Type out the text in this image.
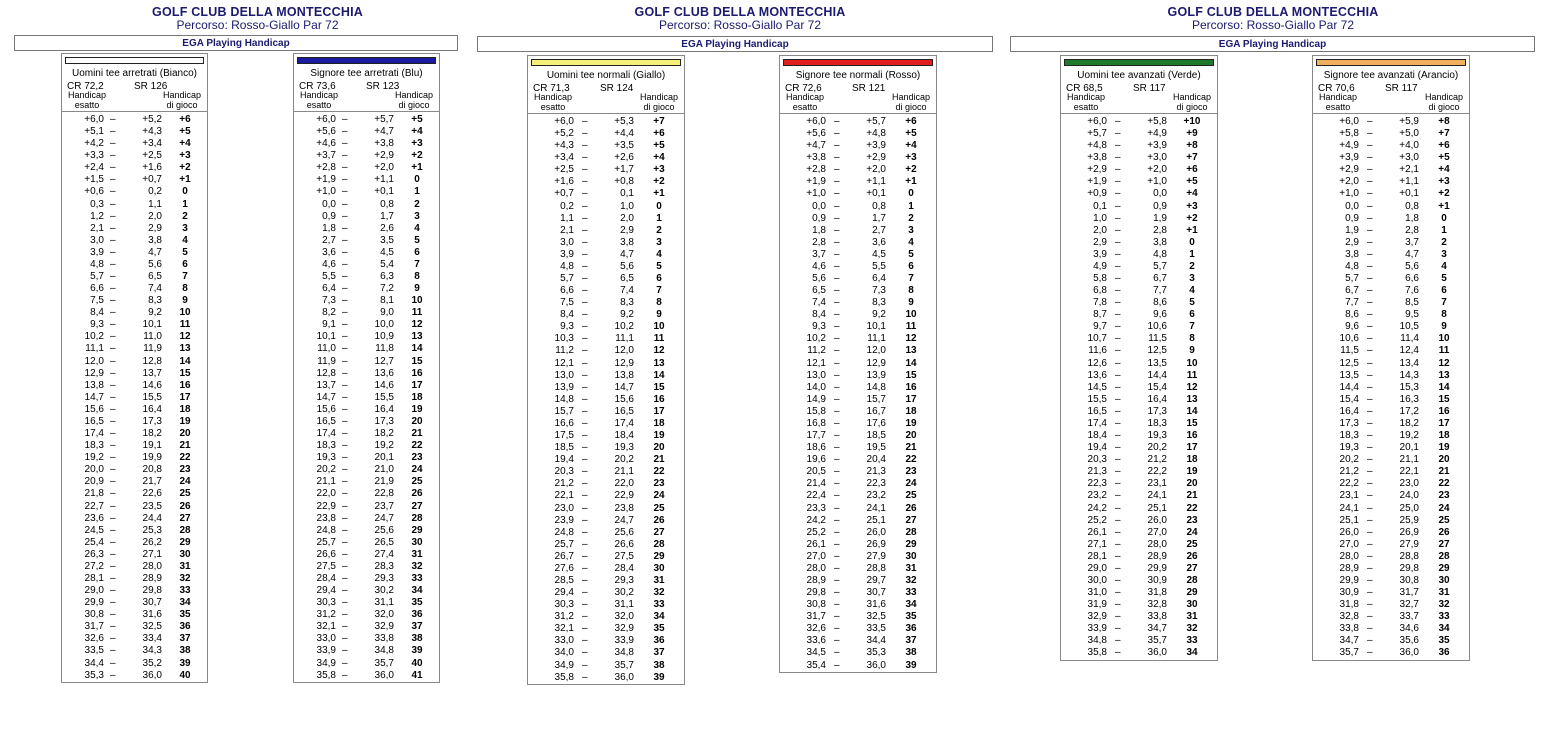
GOLF CLUB DELLA MONTECCHIA
Percorso: Rosso-Giallo Par 72
EGA Playing Handicap
Uomini tee arretrati (Bianco)
CR 72,2	SR 126
Handicap
esatto
Handicap
di gioco
+6,0 –	+5,2	+6
+5,1 –	+4,3	+5
+4,2 –	+3,4	+4
+3,3 –	+2,5	+3
+2,4 –	+1,6	+2
+1,5 –	+0,7	+1
+0,6 –	0,2	0
0,3 –	1,1	1
1,2 –	2,0	2
2,1 –	2,9	3
3,0 –	3,8	4
3,9 –	4,7	5
4,8 –	5,6	6
5,7 –	6,5	7
6,6 –	7,4	8
7,5 –	8,3	9
8,4 –	9,2	10
9,3 –	10,1	11
10,2 –	11,0	12
11,1 –	11,9	13
12,0 –	12,8	14
12,9 –	13,7	15
13,8 –	14,6	16
14,7 –	15,5	17
15,6 –	16,4	18
16,5 –	17,3	19
17,4 –	18,2	20
18,3 –	19,1	21
19,2 –	19,9	22
20,0 –	20,8	23
20,9 –	21,7	24
21,8 –	22,6	25
22,7 –	23,5	26
23,6 –	24,4	27
24,5 –	25,3	28
25,4 –	26,2	29
26,3 –	27,1	30
27,2 –	28,0	31
28,1 –	28,9	32
29,0 –	29,8	33
29,9 –	30,7	34
30,8 –	31,6	35
31,7 –	32,5	36
32,6 –	33,4	37
33,5 –	34,3	38
34,4 –	35,2	39
35,3 –	36,0	40
Signore tee arretrati (Blu)
CR 73,6	SR 123
Handicap
esatto
Handicap
di gioco
+6,0 –	+5,7	+5
+5,6 –	+4,7	+4
+4,6 –	+3,8	+3
+3,7 –	+2,9	+2
+2,8 –	+2,0	+1
+1,9 –	+1,1	0
+1,0 –	+0,1	1
0,0 –	0,8	2
0,9 –	1,7	3
1,8 –	2,6	4
2,7 –	3,5	5
3,6 –	4,5	6
4,6 –	5,4	7
5,5 –	6,3	8
6,4 –	7,2	9
7,3 –	8,1	10
8,2 –	9,0	11
9,1 –	10,0	12
10,1 –	10,9	13
11,0 –	11,8	14
11,9 –	12,7	15
12,8 –	13,6	16
13,7 –	14,6	17
14,7 –	15,5	18
15,6 –	16,4	19
16,5 –	17,3	20
17,4 –	18,2	21
18,3 –	19,2	22
19,3 –	20,1	23
20,2 –	21,0	24
21,1 –	21,9	25
22,0 –	22,8	26
22,9 –	23,7	27
23,8 –	24,7	28
24,8 –	25,6	29
25,7 –	26,5	30
26,6 –	27,4	31
27,5 –	28,3	32
28,4 –	29,3	33
29,4 –	30,2	34
30,3 –	31,1	35
31,2 –	32,0	36
32,1 –	32,9	37
33,0 –	33,8	38
33,9 –	34,8	39
34,9 –	35,7	40
35,8 –	36,0	41
GOLF CLUB DELLA MONTECCHIA
Percorso: Rosso-Giallo Par 72
EGA Playing Handicap
Uomini tee normali (Giallo)
CR 71,3	SR 124
Handicap
esatto
Handicap
di gioco
+6,0 –	+5,3	+7
+5,2 –	+4,4	+6
+4,3 –	+3,5	+5
+3,4 –	+2,6	+4
+2,5 –	+1,7	+3
+1,6 –	+0,8	+2
+0,7 –	0,1	+1
0,2 –	1,0	0
1,1 –	2,0	1
2,1 –	2,9	2
3,0 –	3,8	3
3,9 –	4,7	4
4,8 –	5,6	5
5,7 –	6,5	6
6,6 –	7,4	7
7,5 –	8,3	8
8,4 –	9,2	9
9,3 –	10,2	10
10,3 –	11,1	11
11,2 –	12,0	12
12,1 –	12,9	13
13,0 –	13,8	14
13,9 –	14,7	15
14,8 –	15,6	16
15,7 –	16,5	17
16,6 –	17,4	18
17,5 –	18,4	19
18,5 –	19,3	20
19,4 –	20,2	21
20,3 –	21,1	22
21,2 –	22,0	23
22,1 –	22,9	24
23,0 –	23,8	25
23,9 –	24,7	26
24,8 –	25,6	27
25,7 –	26,6	28
26,7 –	27,5	29
27,6 –	28,4	30
28,5 –	29,3	31
29,4 –	30,2	32
30,3 –	31,1	33
31,2 –	32,0	34
32,1 –	32,9	35
33,0 –	33,9	36
34,0 –	34,8	37
34,9 –	35,7	38
35,8 –	36,0	39
Signore tee normali (Rosso)
CR 72,6	SR 121
Handicap
esatto
Handicap
di gioco
+6,0 –	+5,7	+6
+5,6 –	+4,8	+5
+4,7 –	+3,9	+4
+3,8 –	+2,9	+3
+2,8 –	+2,0	+2
+1,9 –	+1,1	+1
+1,0 –	+0,1	0
0,0 –	0,8	1
0,9 –	1,7	2
1,8 –	2,7	3
2,8 –	3,6	4
3,7 –	4,5	5
4,6 –	5,5	6
5,6 –	6,4	7
6,5 –	7,3	8
7,4 –	8,3	9
8,4 –	9,2	10
9,3 –	10,1	11
10,2 –	11,1	12
11,2 –	12,0	13
12,1 –	12,9	14
13,0 –	13,9	15
14,0 –	14,8	16
14,9 –	15,7	17
15,8 –	16,7	18
16,8 –	17,6	19
17,7 –	18,5	20
18,6 –	19,5	21
19,6 –	20,4	22
20,5 –	21,3	23
21,4 –	22,3	24
22,4 –	23,2	25
23,3 –	24,1	26
24,2 –	25,1	27
25,2 –	26,0	28
26,1 –	26,9	29
27,0 –	27,9	30
28,0 –	28,8	31
28,9 –	29,7	32
29,8 –	30,7	33
30,8 –	31,6	34
31,7 –	32,5	35
32,6 –	33,5	36
33,6 –	34,4	37
34,5 –	35,3	38
35,4 –	36,0	39
GOLF CLUB DELLA MONTECCHIA
Percorso: Rosso-Giallo Par 72
EGA Playing Handicap
Uomini tee avanzati (Verde)
CR 68,5	SR 117
Handicap
esatto
Handicap
di gioco
+6,0 –	+5,8	+10
+5,7 –	+4,9	+9
+4,8 –	+3,9	+8
+3,8 –	+3,0	+7
+2,9 –	+2,0	+6
+1,9 –	+1,0	+5
+0,9 –	0,0	+4
0,1 –	0,9	+3
1,0 –	1,9	+2
2,0 –	2,8	+1
2,9 –	3,8	0
3,9 –	4,8	1
4,9 –	5,7	2
5,8 –	6,7	3
6,8 –	7,7	4
7,8 –	8,6	5
8,7 –	9,6	6
9,7 –	10,6	7
10,7 –	11,5	8
11,6 –	12,5	9
12,6 –	13,5	10
13,6 –	14,4	11
14,5 –	15,4	12
15,5 –	16,4	13
16,5 –	17,3	14
17,4 –	18,3	15
18,4 –	19,3	16
19,4 –	20,2	17
20,3 –	21,2	18
21,3 –	22,2	19
22,3 –	23,1	20
23,2 –	24,1	21
24,2 –	25,1	22
25,2 –	26,0	23
26,1 –	27,0	24
27,1 –	28,0	25
28,1 –	28,9	26
29,0 –	29,9	27
30,0 –	30,9	28
31,0 –	31,8	29
31,9 –	32,8	30
32,9 –	33,8	31
33,9 –	34,7	32
34,8 –	35,7	33
35,8 –	36,0	34
Signore tee avanzati (Arancio)
CR 70,6	SR 117
Handicap
esatto
Handicap
di gioco
+6,0 –	+5,9	+8
+5,8 –	+5,0	+7
+4,9 –	+4,0	+6
+3,9 –	+3,0	+5
+2,9 –	+2,1	+4
+2,0 –	+1,1	+3
+1,0 –	+0,1	+2
0,0 –	0,8	+1
0,9 –	1,8	0
1,9 –	2,8	1
2,9 –	3,7	2
3,8 –	4,7	3
4,8 –	5,6	4
5,7 –	6,6	5
6,7 –	7,6	6
7,7 –	8,5	7
8,6 –	9,5	8
9,6 –	10,5	9
10,6 –	11,4	10
11,5 –	12,4	11
12,5 –	13,4	12
13,5 –	14,3	13
14,4 –	15,3	14
15,4 –	16,3	15
16,4 –	17,2	16
17,3 –	18,2	17
18,3 –	19,2	18
19,3 –	20,1	19
20,2 –	21,1	20
21,2 –	22,1	21
22,2 –	23,0	22
23,1 –	24,0	23
24,1 –	25,0	24
25,1 –	25,9	25
26,0 –	26,9	26
27,0 –	27,9	27
28,0 –	28,8	28
28,9 –	29,8	29
29,9 –	30,8	30
30,9 –	31,7	31
31,8 –	32,7	32
32,8 –	33,7	33
33,8 –	34,6	34
34,7 –	35,6	35
35,7 –	36,0	36
